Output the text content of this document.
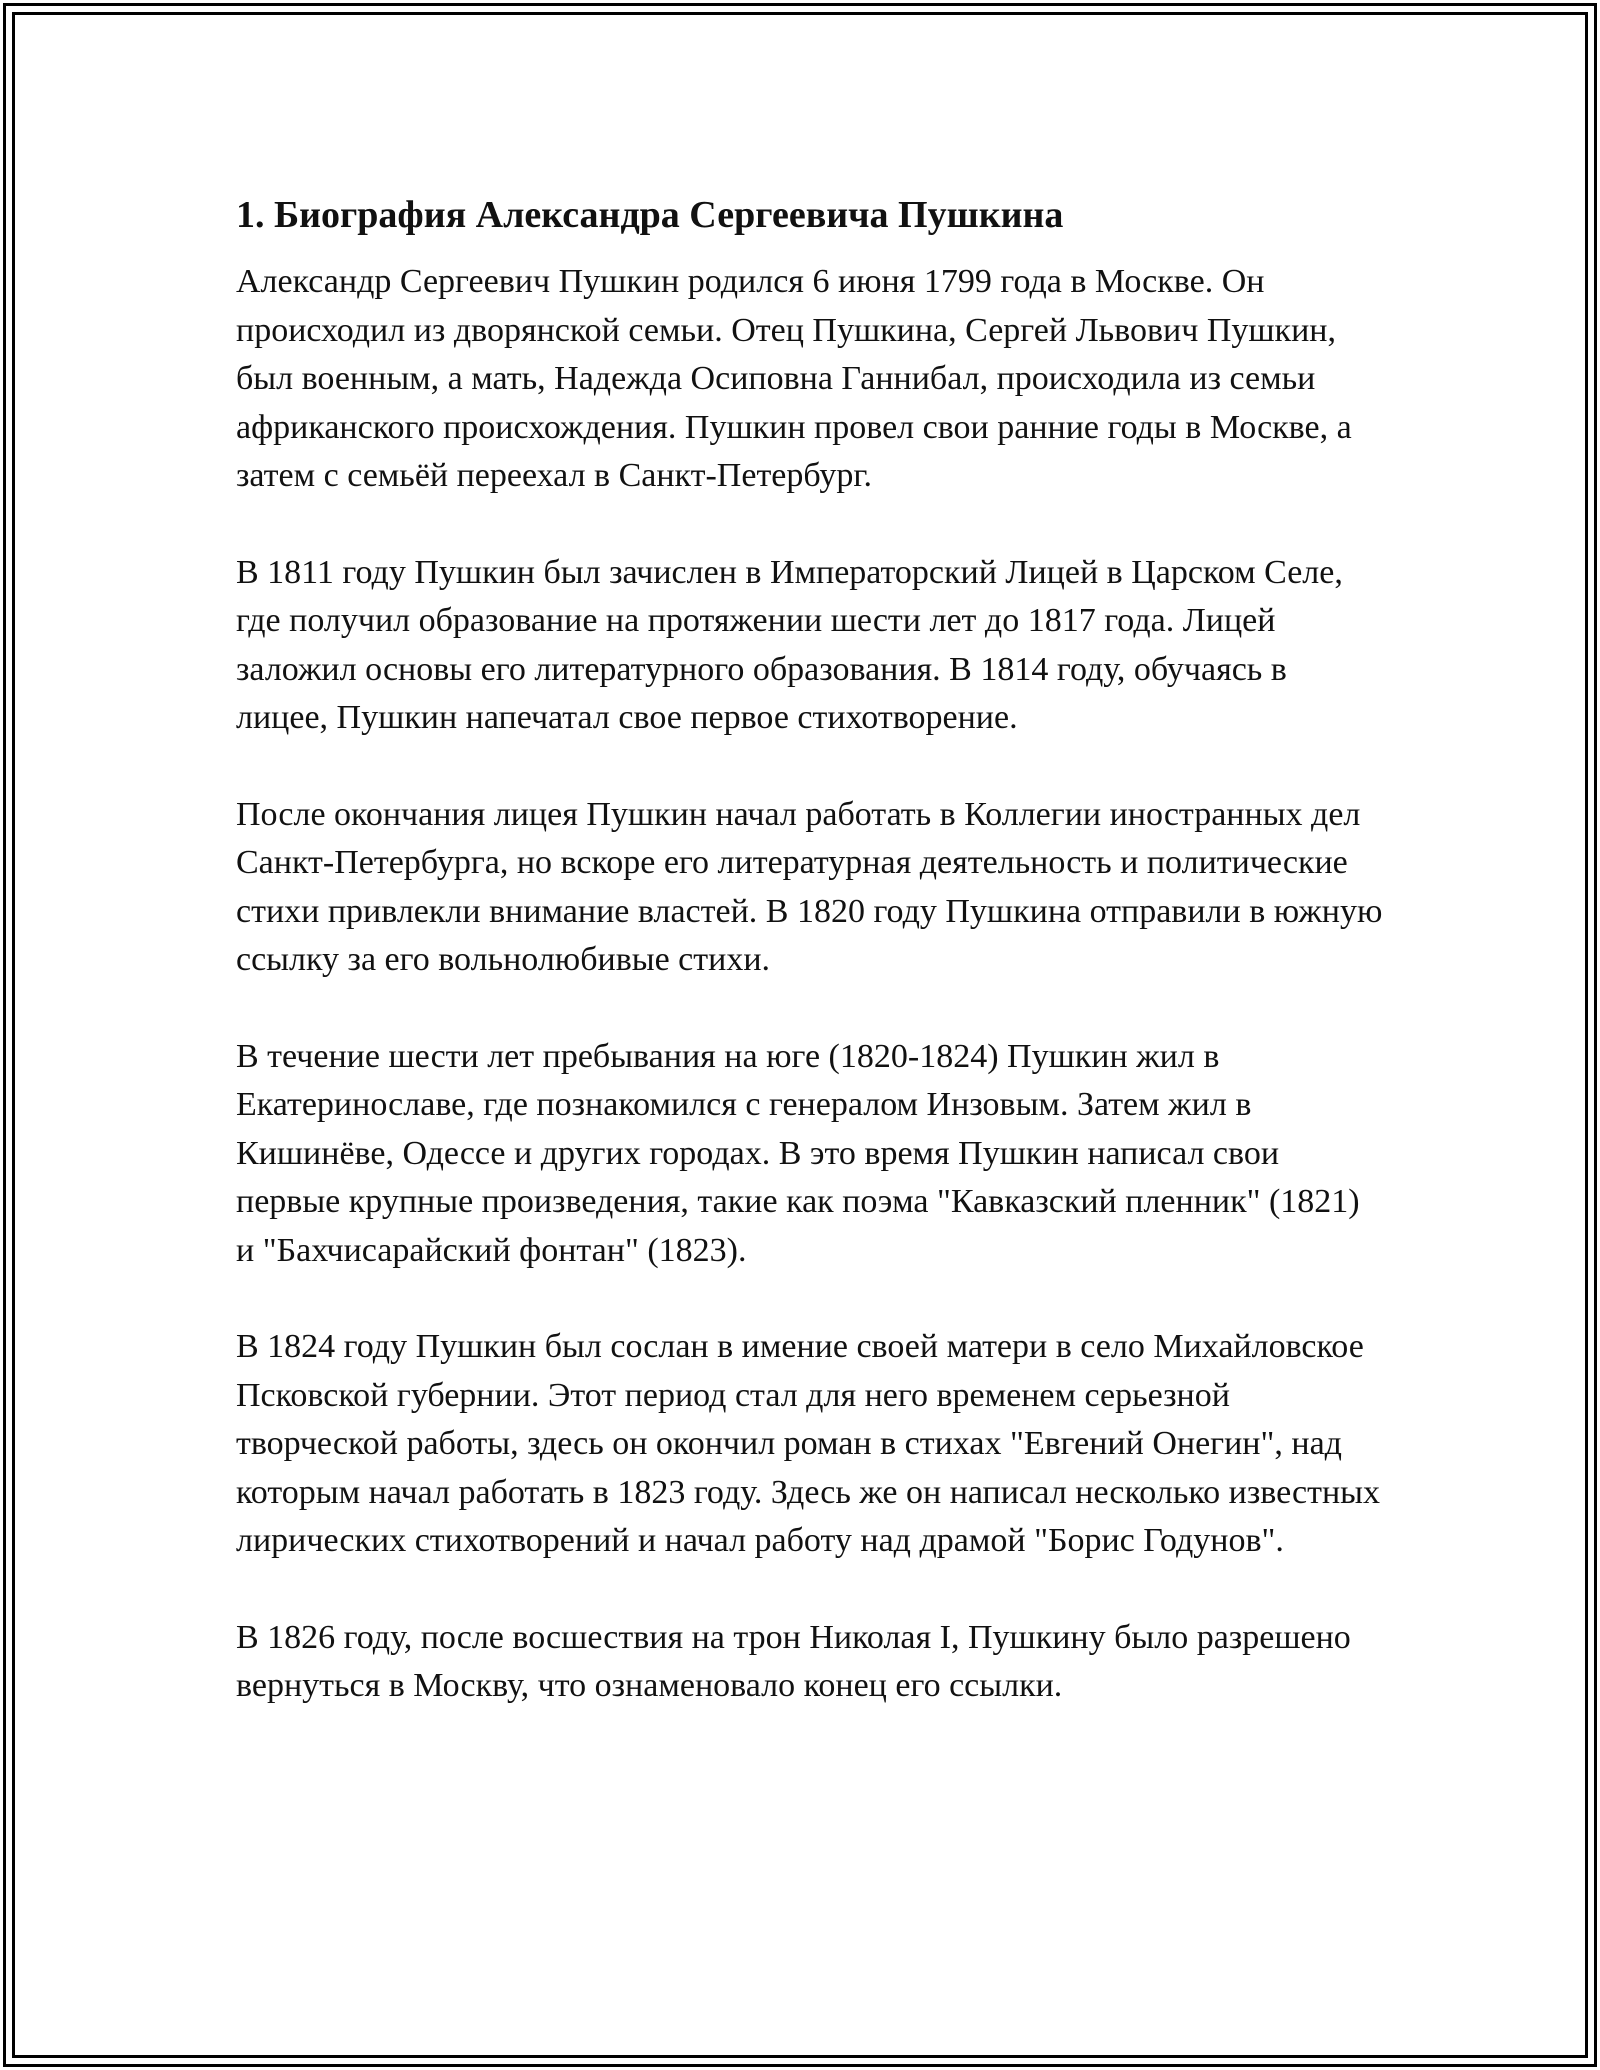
1. Биография Александра Сергеевича Пушкина

Александр Сергеевич Пушкин родился 6 июня 1799 года в Москве. Он происходил из дворянской семьи. Отец Пушкина, Сергей Львович Пушкин, был военным, а мать, Надежда Осиповна Ганнибал, происходила из семьи африканского происхождения. Пушкин провел свои ранние годы в Москве, а затем с семьёй переехал в Санкт-Петербург.

В 1811 году Пушкин был зачислен в Императорский Лицей в Царском Селе, где получил образование на протяжении шести лет до 1817 года. Лицей заложил основы его литературного образования. В 1814 году, обучаясь в лицее, Пушкин напечатал свое первое стихотворение.

После окончания лицея Пушкин начал работать в Коллегии иностранных дел Санкт-Петербурга, но вскоре его литературная деятельность и политические стихи привлекли внимание властей. В 1820 году Пушкина отправили в южную ссылку за его вольнолюбивые стихи.

В течение шести лет пребывания на юге (1820-1824) Пушкин жил в Екатеринославе, где познакомился с генералом Инзовым. Затем жил в Кишинёве, Одессе и других городах. В это время Пушкин написал свои первые крупные произведения, такие как поэма "Кавказский пленник" (1821) и "Бахчисарайский фонтан" (1823).

В 1824 году Пушкин был сослан в имение своей матери в село Михайловское Псковской губернии. Этот период стал для него временем серьезной творческой работы, здесь он окончил роман в стихах "Евгений Онегин", над которым начал работать в 1823 году. Здесь же он написал несколько известных лирических стихотворений и начал работу над драмой "Борис Годунов".

В 1826 году, после восшествия на трон Николая I, Пушкину было разрешено вернуться в Москву, что ознаменовало конец его ссылки.
